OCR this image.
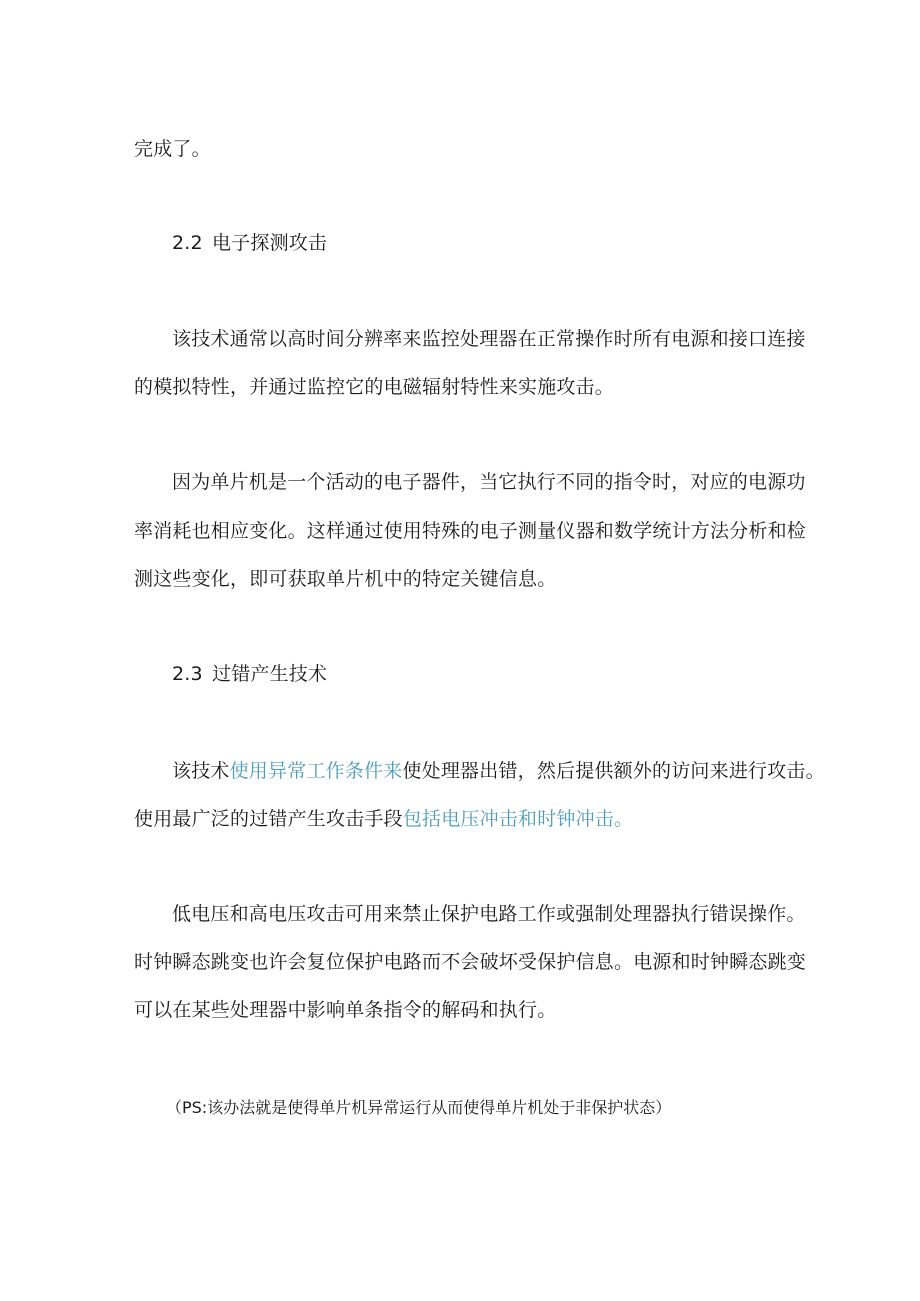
完成了。
2.2 电子探测攻击
该技术通常以高时间分辨率来监控处理器在正常操作时所有电源和接口连接
的模拟特性，并通过监控它的电磁辐射特性来实施攻击。
因为单片机是一个活动的电子器件，当它执行不同的指令时，对应的电源功
率消耗也相应变化。这样通过使用特殊的电子测量仪器和数学统计方法分析和检
测这些变化，即可获取单片机中的特定关键信息。
2.3 过错产生技术
该技术使用异常工作条件来使处理器出错，然后提供额外的访问来进行攻击。
使用最广泛的过错产生攻击手段包括电压冲击和时钟冲击。
低电压和高电压攻击可用来禁止保护电路工作或强制处理器执行错误操作。
时钟瞬态跳变也许会复位保护电路而不会破坏受保护信息。电源和时钟瞬态跳变
可以在某些处理器中影响单条指令的解码和执行。
（PS:该办法就是使得单片机异常运行从而使得单片机处于非保护状态）
